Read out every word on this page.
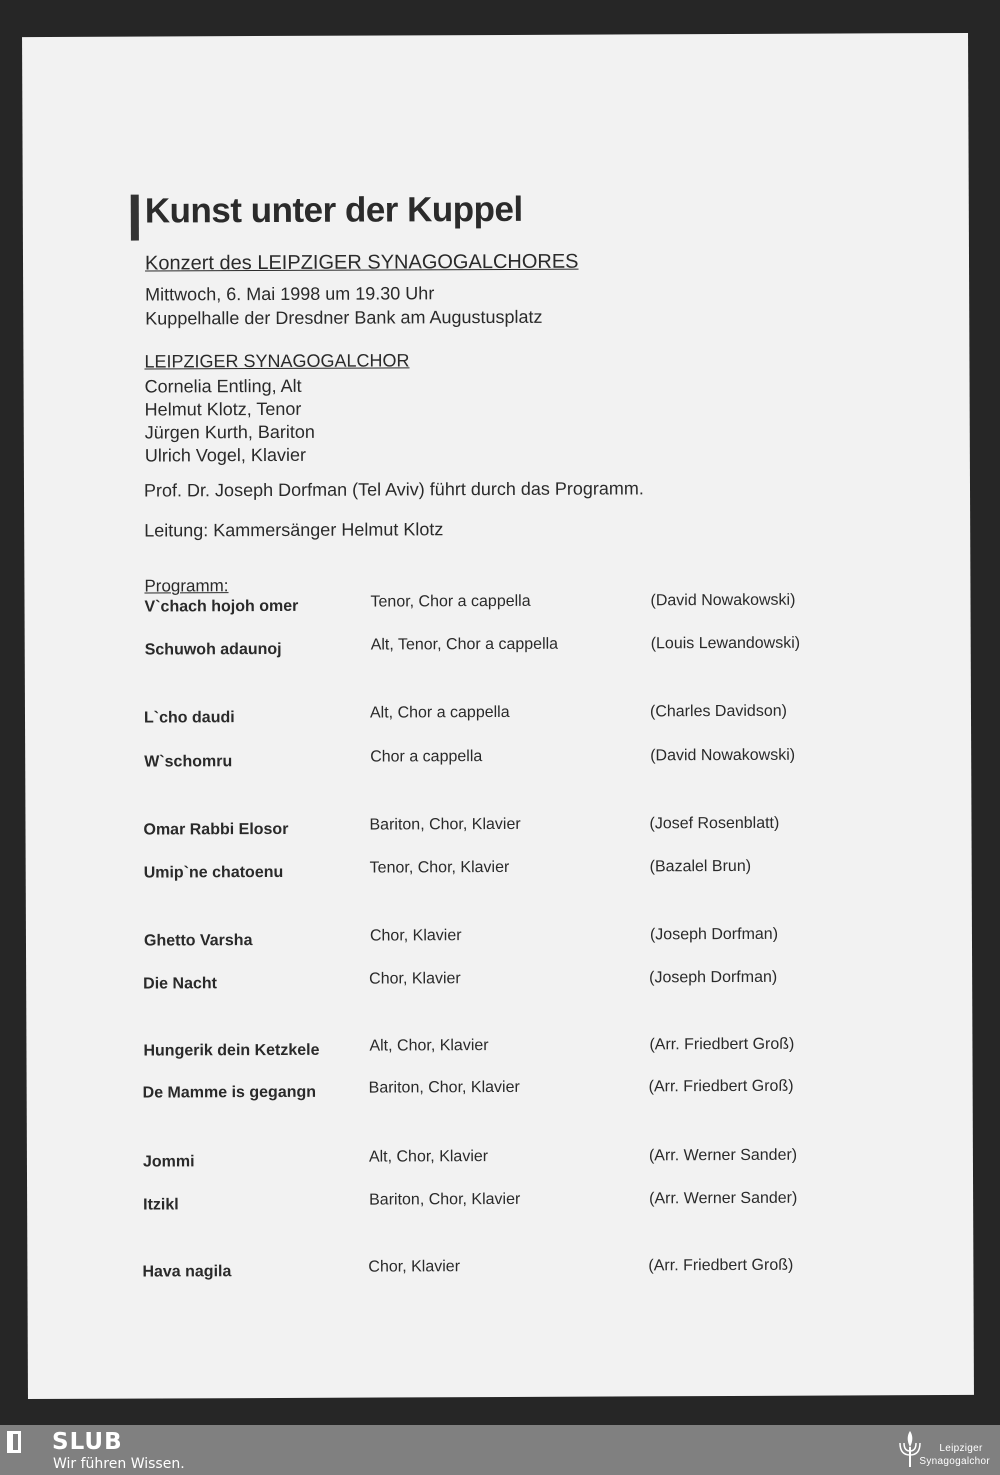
Kunst unter der Kuppel
Konzert des LEIPZIGER SYNAGOGALCHORES
Mittwoch, 6. Mai 1998 um 19.30 Uhr
Kuppelhalle der Dresdner Bank am Augustusplatz
LEIPZIGER SYNAGOGALCHOR
Cornelia Entling, Alt
Helmut Klotz, Tenor
Jürgen Kurth, Bariton
Ulrich Vogel, Klavier
Prof. Dr. Joseph Dorfman (Tel Aviv) führt durch das Programm.
Leitung: Kammersänger Helmut Klotz
Programm:
V`chach hojoh omer	Tenor, Chor a cappella	(David Nowakowski)
Schuwoh adaunoj	Alt, Tenor, Chor a cappella	(Louis Lewandowski)
L`cho daudi	Alt, Chor a cappella	(Charles Davidson)
W`schomru	Chor a cappella	(David Nowakowski)
Omar Rabbi Elosor	Bariton, Chor, Klavier	(Josef Rosenblatt)
Umip`ne chatoenu	Tenor, Chor, Klavier	(Bazalel Brun)
Ghetto Varsha	Chor, Klavier	(Joseph Dorfman)
Die Nacht	Chor, Klavier	(Joseph Dorfman)
Hungerik dein Ketzkele	Alt, Chor, Klavier	(Arr. Friedbert Groß)
De Mamme is gegangn	Bariton, Chor, Klavier	(Arr. Friedbert Groß)
Jommi	Alt, Chor, Klavier	(Arr. Werner Sander)
Itzikl	Bariton, Chor, Klavier	(Arr. Werner Sander)
Hava nagila	Chor, Klavier	(Arr. Friedbert Groß)
SLUB
Wir führen Wissen.
Leipziger
Synagogalchor
